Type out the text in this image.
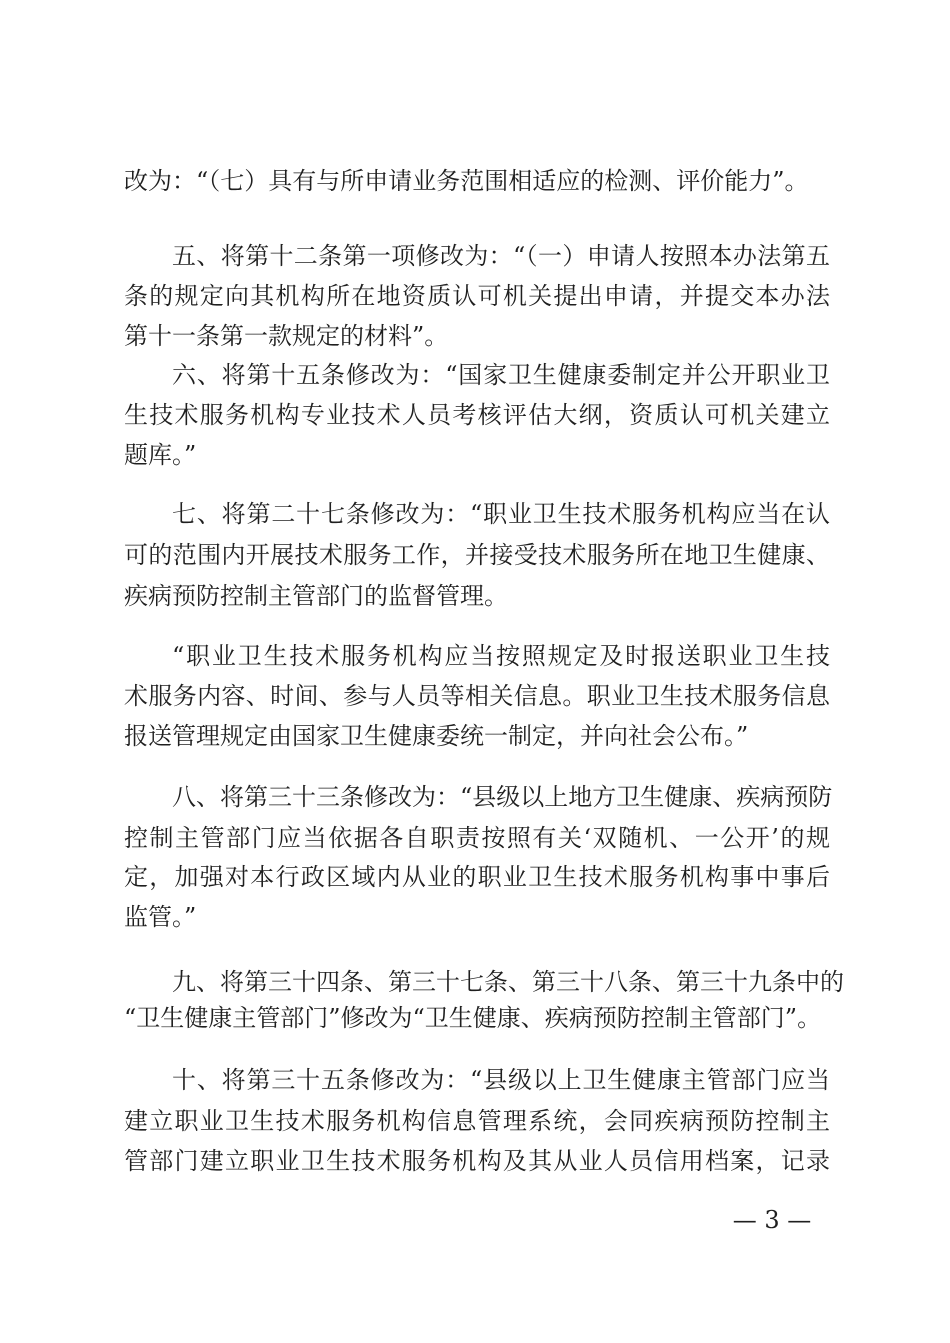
改为：“（七）具有与所申请业务范围相适应的检测、评价能力”。
五、将第十二条第一项修改为：“（一）申请人按照本办法第五
条的规定向其机构所在地资质认可机关提出申请，并提交本办法
第十一条第一款规定的材料”。
六、将第十五条修改为：“国家卫生健康委制定并公开职业卫
生技术服务机构专业技术人员考核评估大纲，资质认可机关建立
题库。”
七、将第二十七条修改为：“职业卫生技术服务机构应当在认
可的范围内开展技术服务工作，并接受技术服务所在地卫生健康、
疾病预防控制主管部门的监督管理。
“职业卫生技术服务机构应当按照规定及时报送职业卫生技
术服务内容、时间、参与人员等相关信息。职业卫生技术服务信息
报送管理规定由国家卫生健康委统一制定，并向社会公布。”
八、将第三十三条修改为：“县级以上地方卫生健康、疾病预防
控制主管部门应当依据各自职责按照有关‘双随机、一公开’的规
定，加强对本行政区域内从业的职业卫生技术服务机构事中事后
监管。”
九、将第三十四条、第三十七条、第三十八条、第三十九条中的
“卫生健康主管部门”修改为“卫生健康、疾病预防控制主管部门”。
十、将第三十五条修改为：“县级以上卫生健康主管部门应当
建立职业卫生技术服务机构信息管理系统，会同疾病预防控制主
管部门建立职业卫生技术服务机构及其从业人员信用档案，记录
— 3 —
